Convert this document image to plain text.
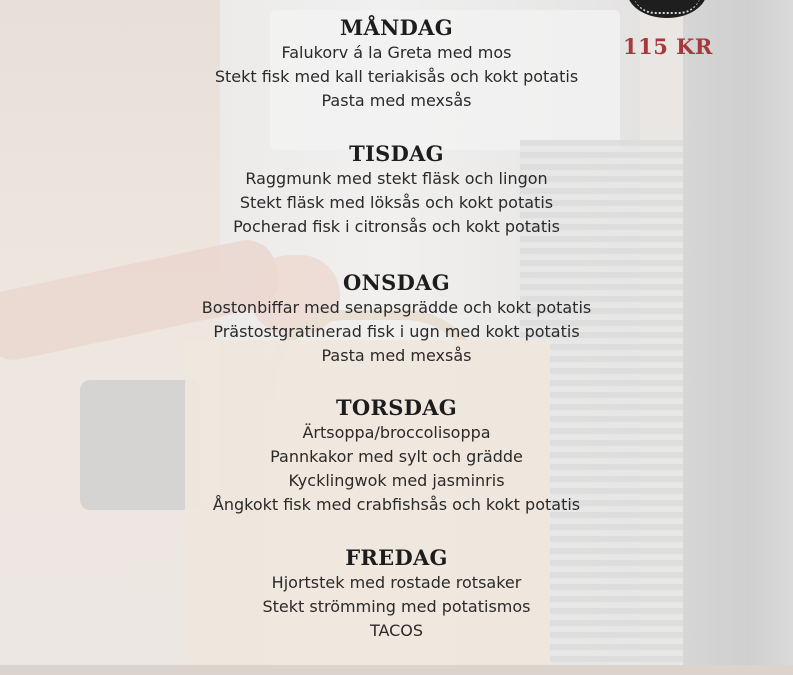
115 KR
MÅNDAG
Falukorv á la Greta med mos
Stekt fisk med kall teriakisås och kokt potatis
Pasta med mexsås
TISDAG
Raggmunk med stekt fläsk och lingon
Stekt fläsk med löksås och kokt potatis
Pocherad fisk i citronsås och kokt potatis
ONSDAG
Bostonbiffar med senapsgrädde och kokt potatis
Prästostgratinerad fisk i ugn med kokt potatis
Pasta med mexsås
TORSDAG
Ärtsoppa/broccolisoppa
Pannkakor med sylt och grädde
Kycklingwok med jasminris
Ångkokt fisk med crabfishsås och kokt potatis
FREDAG
Hjortstek med rostade rotsaker
Stekt strömming med potatismos
TACOS
